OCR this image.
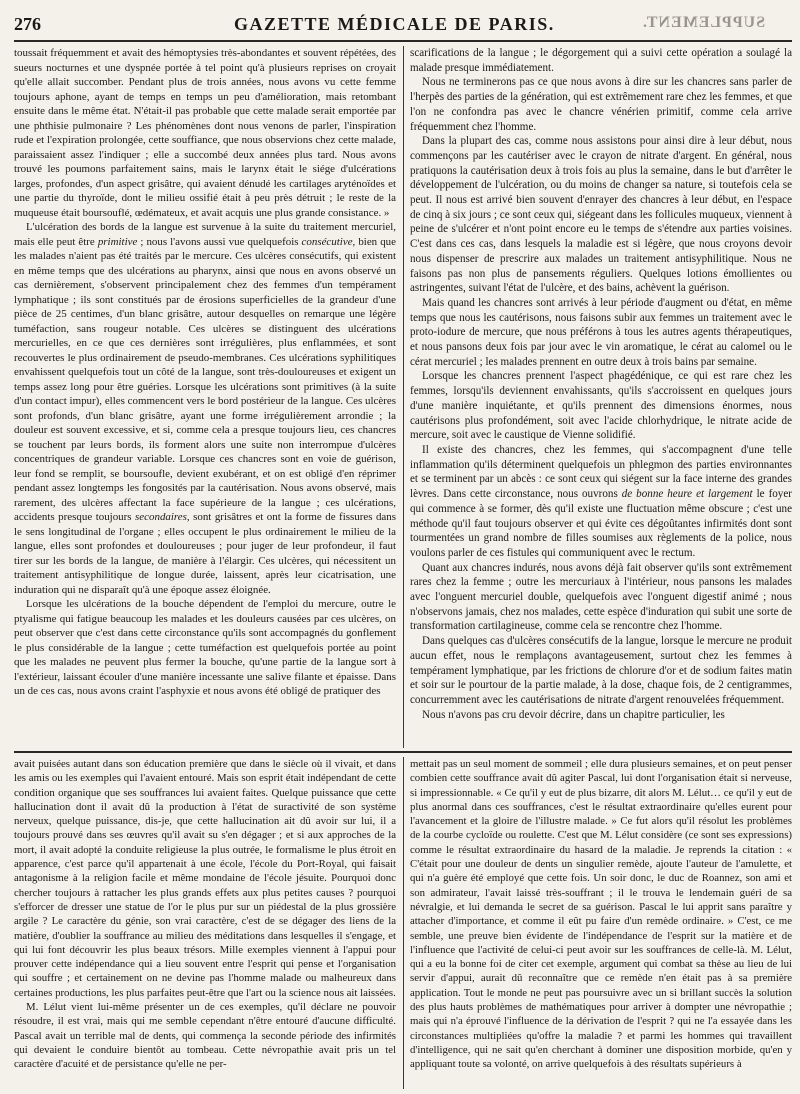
276	GAZETTE MÉDICALE DE PARIS.	SUPPLEMENT.

toussait fréquemment et avait des hémoptysies très-abondantes et souvent répétées, des sueurs nocturnes et une dyspnée portée à tel point qu'à plusieurs reprises on croyait qu'elle allait succomber. Pendant plus de trois années, nous avons vu cette femme toujours aphone, ayant de temps en temps un peu d'amélioration, mais retombant ensuite dans le même état. N'était-il pas probable que cette malade serait emportée par une phthisie pulmonaire ? Les phénomènes dont nous venons de parler, l'inspiration rude et l'expiration prolongée, cette souffiance, que nous observions chez cette malade, paraissaient assez l'indiquer ; elle a succombé deux années plus tard. Nous avons trouvé les poumons parfaitement sains, mais le larynx était le siége d'ulcérations larges, profondes, d'un aspect grisâtre, qui avaient dénudé les cartilages aryténoïdes et une partie du thyroïde, dont le milieu ossifié était à peu près détruit ; le reste de la muqueuse était boursouflé, œdémateux, et avait acquis une plus grande consistance. »

L'ulcération des bords de la langue est survenue à la suite du traitement mercuriel, mais elle peut être primitive ; nous l'avons aussi vue quelquefois consécutive, bien que les malades n'aient pas été traités par le mercure. Ces ulcères consécutifs, qui existent en même temps que des ulcérations au pharynx, ainsi que nous en avons observé un cas dernièrement, s'observent principalement chez des femmes d'un tempérament lymphatique ; ils sont constitués par de érosions superficielles de la grandeur d'une pièce de 25 centimes, d'un blanc grisâtre, autour desquelles on remarque une légère tuméfaction, sans rougeur notable. Ces ulcères se distinguent des ulcérations mercurielles, en ce que ces dernières sont irrégulières, plus enflammées, et sont recouvertes le plus ordinairement de pseudo-membranes. Ces ulcérations syphilitiques envahissent quelquefois tout un côté de la langue, sont très-douloureuses et exigent un temps assez long pour être guéries. Lorsque les ulcérations sont primitives (à la suite d'un contact impur), elles commencent vers le bord postérieur de la langue. Ces ulcères sont profonds, d'un blanc grisâtre, ayant une forme irrégulièrement arrondie ; la douleur est souvent excessive, et si, comme cela a presque toujours lieu, ces chancres se touchent par leurs bords, ils forment alors une suite non interrompue d'ulcères concentriques de grandeur variable. Lorsque ces chancres sont en voie de guérison, leur fond se remplit, se boursoufle, devient exubérant, et on est obligé d'en réprimer pendant assez longtemps les fongosités par la cautérisation. Nous avons observé, mais rarement, des ulcères affectant la face supérieure de la langue ; ces ulcérations, accidents presque toujours secondaires, sont grisâtres et ont la forme de fissures dans le sens longitudinal de l'organe ; elles occupent le plus ordinairement le milieu de la langue, elles sont profondes et douloureuses ; pour juger de leur profondeur, il faut tirer sur les bords de la langue, de manière à l'élargir. Ces ulcères, qui nécessitent un traitement antisyphilitique de longue durée, laissent, après leur cicatrisation, une induration qui ne disparaît qu'à une époque assez éloignée.

Lorsque les ulcérations de la bouche dépendent de l'emploi du mercure, outre le ptyalisme qui fatigue beaucoup les malades et les douleurs causées par ces ulcères, on peut observer que c'est dans cette circonstance qu'ils sont accompagnés du gonflement le plus considérable de la langue ; cette tuméfaction est quelquefois portée au point que les malades ne peuvent plus fermer la bouche, qu'une partie de la langue sort à l'extérieur, laissant écouler d'une manière incessante une salive filante et épaisse. Dans un de ces cas, nous avons craint l'asphyxie et nous avons été obligé de pratiquer des

scarifications de la langue ; le dégorgement qui a suivi cette opération a soulagé la malade presque immédiatement.

Nous ne terminerons pas ce que nous avons à dire sur les chancres sans parler de l'herpès des parties de la génération, qui est extrêmement rare chez les femmes, et que l'on ne confondra pas avec le chancre vénérien primitif, comme cela arrive fréquemment chez l'homme.

Dans la plupart des cas, comme nous assistons pour ainsi dire à leur début, nous commençons par les cautériser avec le crayon de nitrate d'argent. En général, nous pratiquons la cautérisation deux à trois fois au plus la semaine, dans le but d'arrêter le développement de l'ulcération, ou du moins de changer sa nature, si toutefois cela se peut. Il nous est arrivé bien souvent d'enrayer des chancres à leur début, en l'espace de cinq à six jours ; ce sont ceux qui, siégeant dans les follicules muqueux, viennent à peine de s'ulcérer et n'ont point encore eu le temps de s'étendre aux parties voisines. C'est dans ces cas, dans lesquels la maladie est si légère, que nous croyons devoir nous dispenser de prescrire aux malades un traitement antisyphilitique. Nous ne faisons pas non plus de pansements réguliers. Quelques lotions émollientes ou astringentes, suivant l'état de l'ulcère, et des bains, achèvent la guérison.

Mais quand les chancres sont arrivés à leur période d'augment ou d'état, en même temps que nous les cautérisons, nous faisons subir aux femmes un traitement avec le proto-iodure de mercure, que nous préférons à tous les autres agents thérapeutiques, et nous pansons deux fois par jour avec le vin aromatique, le cérat au calomel ou le cérat mercuriel ; les malades prennent en outre deux à trois bains par semaine.

Lorsque les chancres prennent l'aspect phagédénique, ce qui est rare chez les femmes, lorsqu'ils deviennent envahissants, qu'ils s'accroissent en quelques jours d'une manière inquiétante, et qu'ils prennent des dimensions énormes, nous cautérisons plus profondément, soit avec l'acide chlorhydrique, le nitrate acide de mercure, soit avec le caustique de Vienne solidifié.

Il existe des chancres, chez les femmes, qui s'accompagnent d'une telle inflammation qu'ils déterminent quelquefois un phlegmon des parties environnantes et se terminent par un abcès : ce sont ceux qui siégent sur la face interne des grandes lèvres. Dans cette circonstance, nous ouvrons de bonne heure et largement le foyer qui commence à se former, dès qu'il existe une fluctuation même obscure ; c'est une méthode qu'il faut toujours observer et qui évite ces dégoûtantes infirmités dont sont tourmentées un grand nombre de filles soumises aux règlements de la police, nous voulons parler de ces fistules qui communiquent avec le rectum.

Quant aux chancres indurés, nous avons déjà fait observer qu'ils sont extrêmement rares chez la femme ; outre les mercuriaux à l'intérieur, nous pansons les malades avec l'onguent mercuriel double, quelquefois avec l'onguent digestif animé ; nous n'observons jamais, chez nos malades, cette espèce d'induration qui subit une sorte de transformation cartilagineuse, comme cela se rencontre chez l'homme.

Dans quelques cas d'ulcères consécutifs de la langue, lorsque le mercure ne produit aucun effet, nous le remplaçons avantageusement, surtout chez les femmes à tempérament lymphatique, par les frictions de chlorure d'or et de sodium faites matin et soir sur le pourtour de la partie malade, à la dose, chaque fois, de 2 centigrammes, concurremment avec les cautérisations de nitrate d'argent renouvelées fréquemment.

Nous n'avons pas cru devoir décrire, dans un chapitre particulier, les

avait puisées autant dans son éducation première que dans le siècle où il vivait, et dans les amis ou les exemples qui l'avaient entouré. Mais son esprit était indépendant de cette condition organique que ses souffrances lui avaient faites. Quelque puissance que cette hallucination dont il avait dû la production à l'état de suractivité de son système nerveux, quelque puissance, dis-je, que cette hallucination ait dû avoir sur lui, il a toujours prouvé dans ses œuvres qu'il avait su s'en dégager ; et si aux approches de la mort, il avait adopté la conduite religieuse la plus outrée, le formalisme le plus étroit en apparence, c'est parce qu'il appartenait à une école, l'école du Port-Royal, qui faisait antagonisme à la religion facile et même mondaine de l'école jésuite. Pourquoi donc chercher toujours à rattacher les plus grands effets aux plus petites causes ? pourquoi s'efforcer de dresser une statue de l'or le plus pur sur un piédestal de la plus grossière argile ? Le caractère du génie, son vrai caractère, c'est de se dégager des liens de la matière, d'oublier la souffrance au milieu des méditations dans lesquelles il s'engage, et qui lui font découvrir les plus beaux trésors. Mille exemples viennent à l'appui pour prouver cette indépendance qui a lieu souvent entre l'esprit qui pense et l'organisation qui souffre ; et certainement on ne devine pas l'homme malade ou malheureux dans certaines productions, les plus parfaites peut-être que l'art ou la science nous ait laissées.

M. Lélut vient lui-même présenter un de ces exemples, qu'il déclare ne pouvoir résoudre, il est vrai, mais qui me semble cependant n'être entouré d'aucune difficulté. Pascal avait un terrible mal de dents, qui commença la seconde période des infirmités qui devaient le conduire bientôt au tombeau. Cette névropathie avait pris un tel caractère d'acuité et de persistance qu'elle ne per-

mettait pas un seul moment de sommeil ; elle dura plusieurs semaines, et on peut penser combien cette souffrance avait dû agiter Pascal, lui dont l'organisation était si nerveuse, si impressionnable. « Ce qu'il y eut de plus bizarre, dit alors M. Lélut… ce qu'il y eut de plus anormal dans ces souffrances, c'est le résultat extraordinaire qu'elles eurent pour l'avancement et la gloire de l'illustre malade. » Ce fut alors qu'il résolut les problèmes de la courbe cycloïde ou roulette. C'est que M. Lélut considère (ce sont ses expressions) comme le résultat extraordinaire du hasard de la maladie. Je reprends la citation : « C'était pour une douleur de dents un singulier remède, ajoute l'auteur de l'amulette, et qui n'a guère été employé que cette fois. Un soir donc, le duc de Roannez, son ami et son admirateur, l'avait laissé très-souffrant ; il le trouva le lendemain guéri de sa névralgie, et lui demanda le secret de sa guérison. Pascal le lui apprit sans paraître y attacher d'importance, et comme il eût pu faire d'un remède ordinaire. » C'est, ce me semble, une preuve bien évidente de l'indépendance de l'esprit sur la matière et de l'influence que l'activité de celui-ci peut avoir sur les souffrances de celle-là. M. Lélut, qui a eu la bonne foi de citer cet exemple, argument qui combat sa thèse au lieu de lui servir d'appui, aurait dû reconnaître que ce remède n'en était pas à sa première application. Tout le monde ne peut pas poursuivre avec un si brillant succès la solution des plus hauts problèmes de mathématiques pour arriver à dompter une névropathie ; mais qui n'a éprouvé l'influence de la dérivation de l'esprit ? qui ne l'a essayée dans les circonstances multipliées qu'offre la maladie ? et parmi les hommes qui travaillent d'intelligence, qui ne sait qu'en cherchant à dominer une disposition morbide, qu'en y appliquant toute sa volonté, on arrive quelquefois à des résultats supérieurs à
